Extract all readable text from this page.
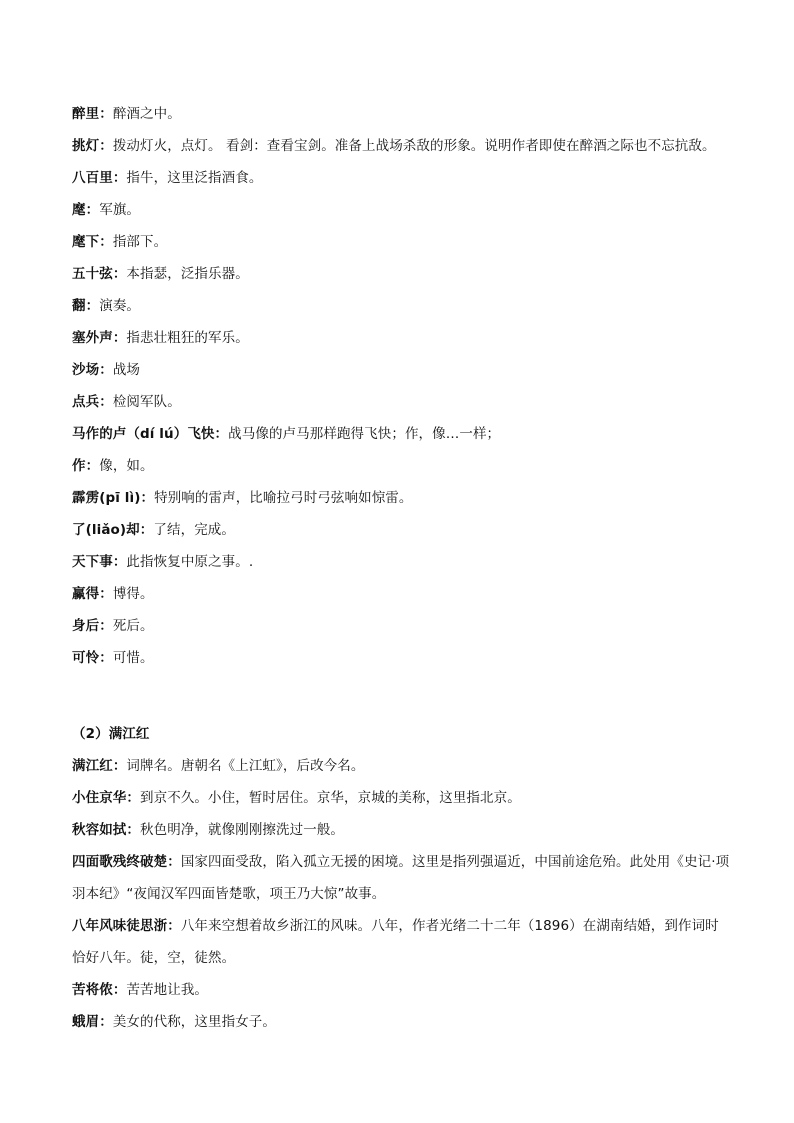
醉里：醉酒之中。
挑灯：拨动灯火，点灯。 看剑：查看宝剑。准备上战场杀敌的形象。说明作者即使在醉酒之际也不忘抗敌。
八百里：指牛，这里泛指酒食。
麾：军旗。
麾下：指部下。
五十弦：本指瑟，泛指乐器。
翻：演奏。
塞外声：指悲壮粗狂的军乐。
沙场：战场
点兵：检阅军队。
马作的卢（dí lú）飞快：战马像的卢马那样跑得飞快；作，像…一样；
作：像，如。
霹雳(pī lì)：特别响的雷声，比喻拉弓时弓弦响如惊雷。
了(liǎo)却：了结，完成。
天下事：此指恢复中原之事。.
赢得：博得。
身后：死后。
可怜：可惜。
（2）满江红
满江红：词牌名。唐朝名《上江虹》，后改今名。
小住京华：到京不久。小住，暂时居住。京华，京城的美称，这里指北京。
秋容如拭：秋色明净，就像刚刚擦洗过一般。
四面歌残终破楚：国家四面受敌，陷入孤立无援的困境。这里是指列强逼近，中国前途危殆。此处用《史记·项羽本纪》“夜闻汉军四面皆楚歌，项王乃大惊”故事。
八年风味徒思浙：八年来空想着故乡浙江的风味。八年，作者光绪二十二年（1896）在湖南结婚，到作词时恰好八年。徒，空，徒然。
苦将侬：苦苦地让我。
蛾眉：美女的代称，这里指女子。
